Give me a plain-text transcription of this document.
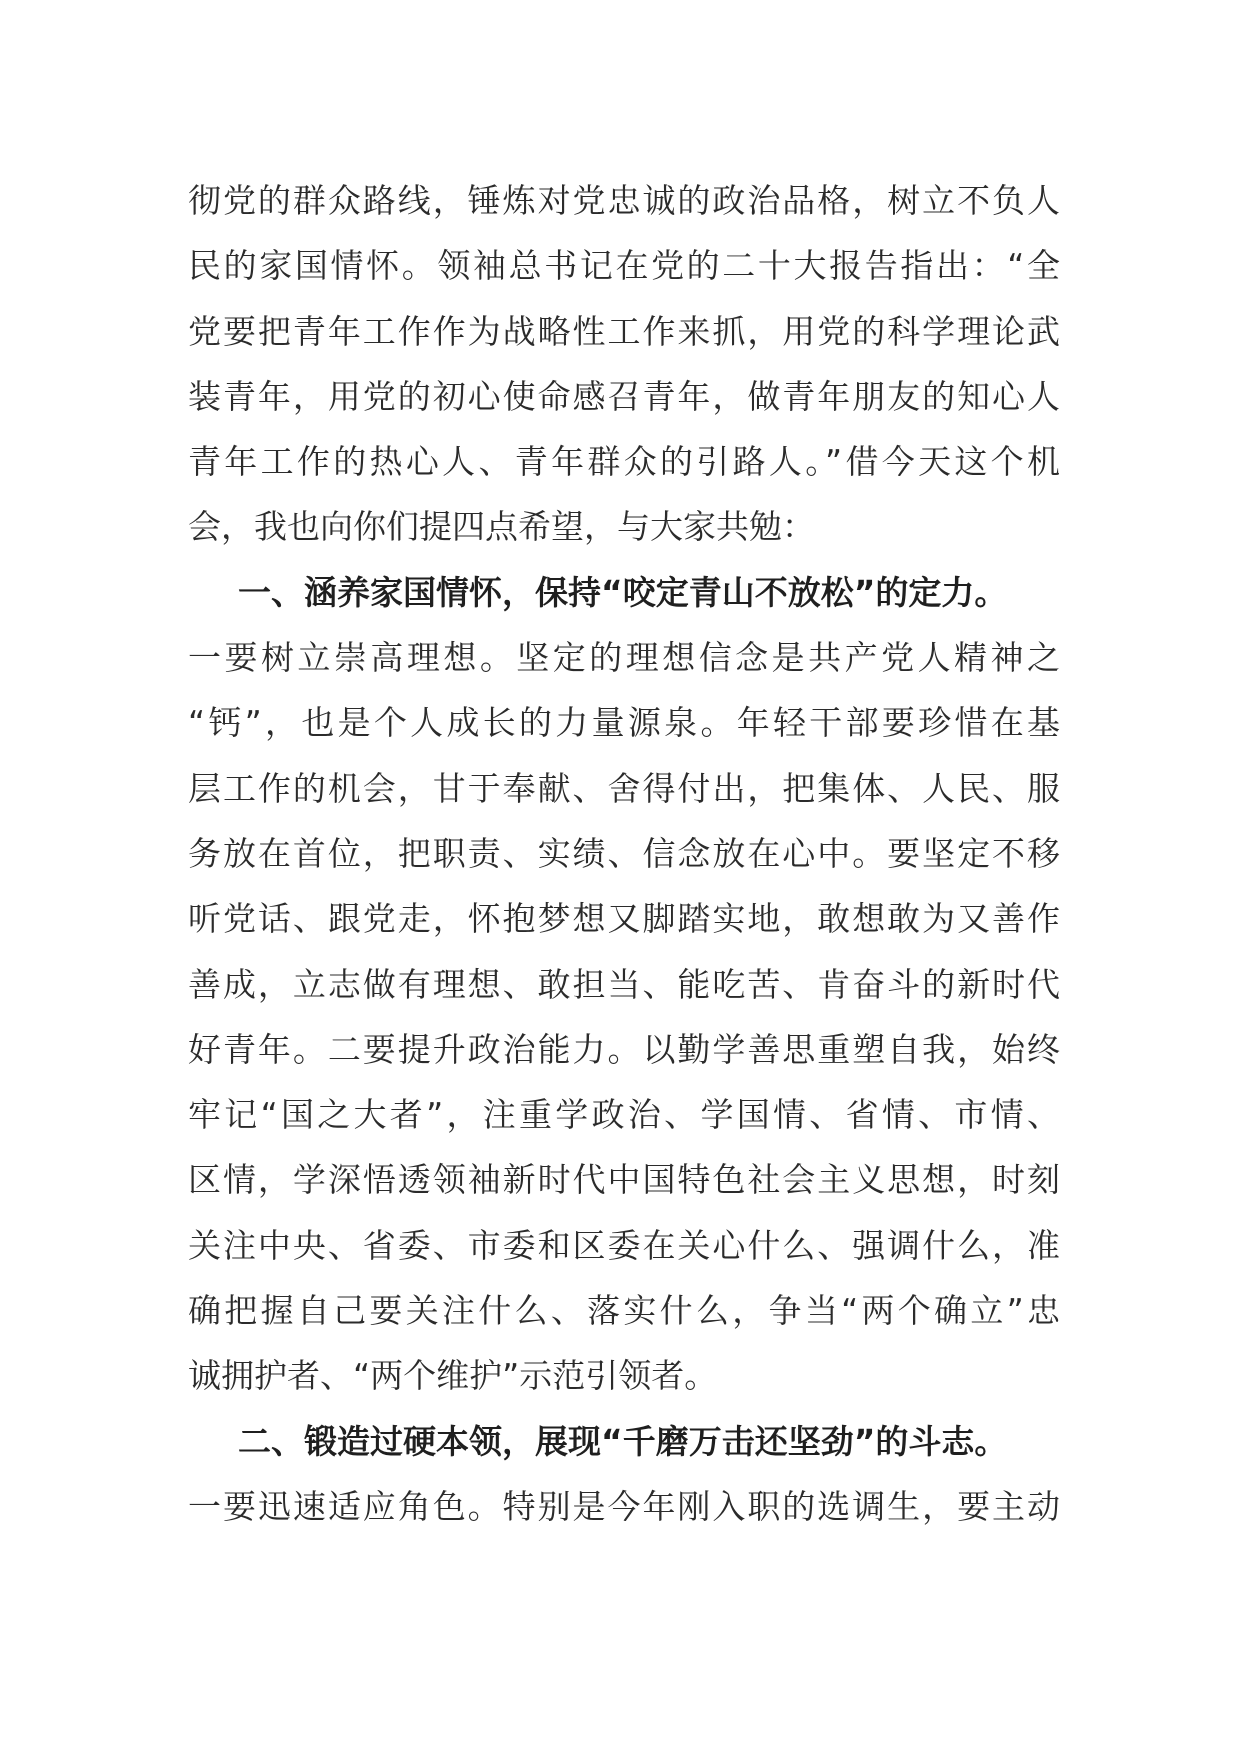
彻党的群众路线，锤炼对党忠诚的政治品格，树立不负人
民的家国情怀。领袖总书记在党的二十大报告指出：“全
党要把青年工作作为战略性工作来抓，用党的科学理论武
装青年，用党的初心使命感召青年，做青年朋友的知心人
青年工作的热心人、青年群众的引路人。”借今天这个机
会，我也向你们提四点希望，与大家共勉：
一、涵养家国情怀，保持“咬定青山不放松”的定力。
一要树立崇高理想。坚定的理想信念是共产党人精神之
“钙”，也是个人成长的力量源泉。年轻干部要珍惜在基
层工作的机会，甘于奉献、舍得付出，把集体、人民、服
务放在首位，把职责、实绩、信念放在心中。要坚定不移
听党话、跟党走，怀抱梦想又脚踏实地，敢想敢为又善作
善成，立志做有理想、敢担当、能吃苦、肯奋斗的新时代
好青年。二要提升政治能力。以勤学善思重塑自我，始终
牢记“国之大者”，注重学政治、学国情、省情、市情、
区情，学深悟透领袖新时代中国特色社会主义思想，时刻
关注中央、省委、市委和区委在关心什么、强调什么，准
确把握自己要关注什么、落实什么，争当“两个确立”忠
诚拥护者、“两个维护”示范引领者。
二、锻造过硬本领，展现“千磨万击还坚劲”的斗志。
一要迅速适应角色。特别是今年刚入职的选调生，要主动
